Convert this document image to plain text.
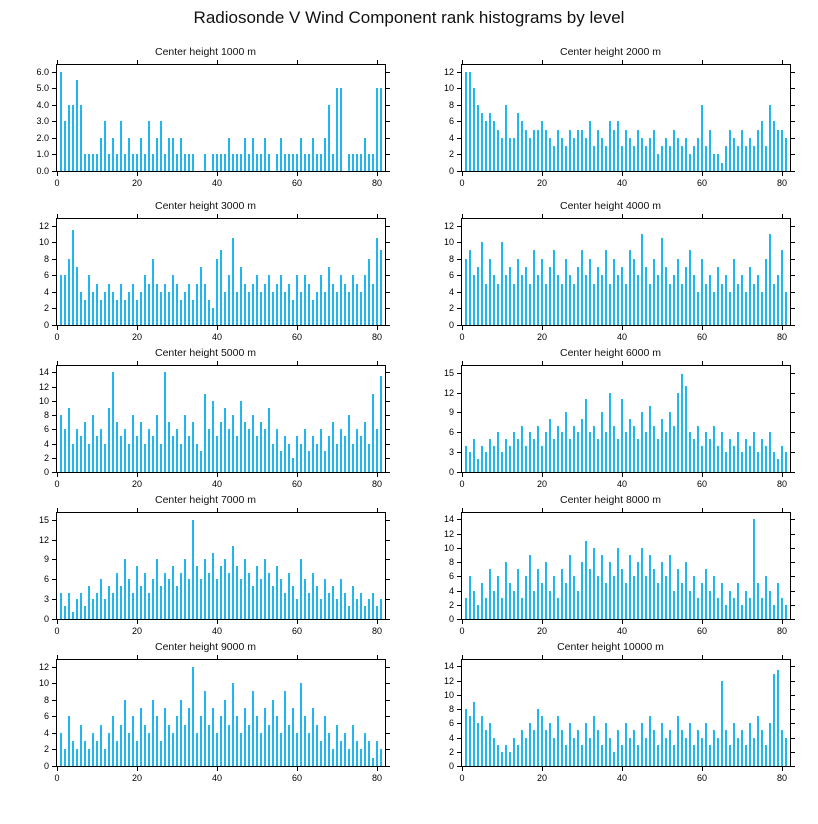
Radiosonde V Wind Component rank histograms by level
Center height 1000 m
0.0
1.0
2.0
3.0
4.0
5.0
6.0
0	20	40	60	80
Center height 2000 m
0
2
4
6
8
10
12
0	20	40	60	80
Center height 3000 m
0
2
4
6
8
10
12
0	20	40	60	80
Center height 4000 m
0
2
4
6
8
10
12
0	20	40	60	80
Center height 5000 m
0
2
4
6
8
10
12
14
0	20	40	60	80
Center height 6000 m
0
3
6
9
12
15
0	20	40	60	80
Center height 7000 m
0
3
6
9
12
15
0	20	40	60	80
Center height 8000 m
0
2
4
6
8
10
12
14
0	20	40	60	80
Center height 9000 m
0
2
4
6
8
10
12
0	20	40	60	80
Center height 10000 m
0
2
4
6
8
10
12
14
0	20	40	60	80
